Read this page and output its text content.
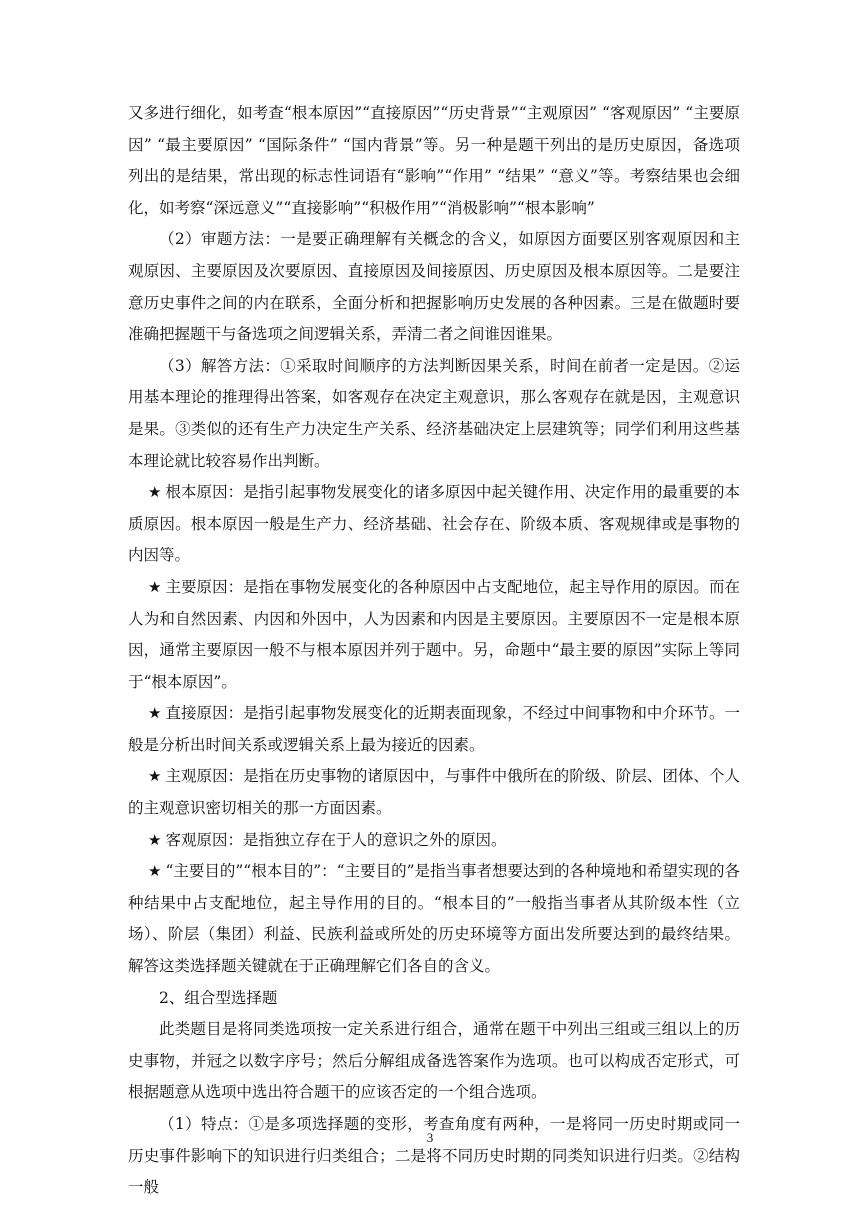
又多进行细化，如考查“根本原因”“直接原因”“历史背景”“主观原因” “客观原因” “主要原因” “最主要原因” “国际条件” “国内背景”等。另一种是题干列出的是历史原因，备选项列出的是结果，常出现的标志性词语有“影响”“作用” “结果” “意义”等。考察结果也会细化，如考察“深远意义”“直接影响”“积极作用”“消极影响”“根本影响”

（2）审题方法：一是要正确理解有关概念的含义，如原因方面要区别客观原因和主观原因、主要原因及次要原因、直接原因及间接原因、历史原因及根本原因等。二是要注意历史事件之间的内在联系，全面分析和把握影响历史发展的各种因素。三是在做题时要准确把握题干与备选项之间逻辑关系，弄清二者之间谁因谁果。

（3）解答方法：①采取时间顺序的方法判断因果关系，时间在前者一定是因。②运用基本理论的推理得出答案，如客观存在决定主观意识，那么客观存在就是因，主观意识是果。③类似的还有生产力决定生产关系、经济基础决定上层建筑等；同学们利用这些基本理论就比较容易作出判断。

★ 根本原因：是指引起事物发展变化的诸多原因中起关键作用、决定作用的最重要的本质原因。根本原因一般是生产力、经济基础、社会存在、阶级本质、客观规律或是事物的内因等。

★ 主要原因：是指在事物发展变化的各种原因中占支配地位，起主导作用的原因。而在人为和自然因素、内因和外因中，人为因素和内因是主要原因。主要原因不一定是根本原因，通常主要原因一般不与根本原因并列于题中。另，命题中“最主要的原因”实际上等同于“根本原因”。

★ 直接原因：是指引起事物发展变化的近期表面现象，不经过中间事物和中介环节。一般是分析出时间关系或逻辑关系上最为接近的因素。

★ 主观原因：是指在历史事物的诸原因中，与事件中俄所在的阶级、阶层、团体、个人的主观意识密切相关的那一方面因素。

★ 客观原因：是指独立存在于人的意识之外的原因。

★ “主要目的”“根本目的”：“主要目的”是指当事者想要达到的各种境地和希望实现的各种结果中占支配地位，起主导作用的目的。“根本目的”一般指当事者从其阶级本性（立场）、阶层（集团）利益、民族利益或所处的历史环境等方面出发所要达到的最终结果。解答这类选择题关键就在于正确理解它们各自的含义。

2、组合型选择题

此类题目是将同类选项按一定关系进行组合，通常在题干中列出三组或三组以上的历史事物，并冠之以数字序号；然后分解组成备选答案作为选项。也可以构成否定形式，可根据题意从选项中选出符合题干的应该否定的一个组合选项。

（1）特点：①是多项选择题的变形，考查角度有两种，一是将同一历史时期或同一历史事件影响下的知识进行归类组合；二是将不同历史时期的同类知识进行归类。②结构一般

3
